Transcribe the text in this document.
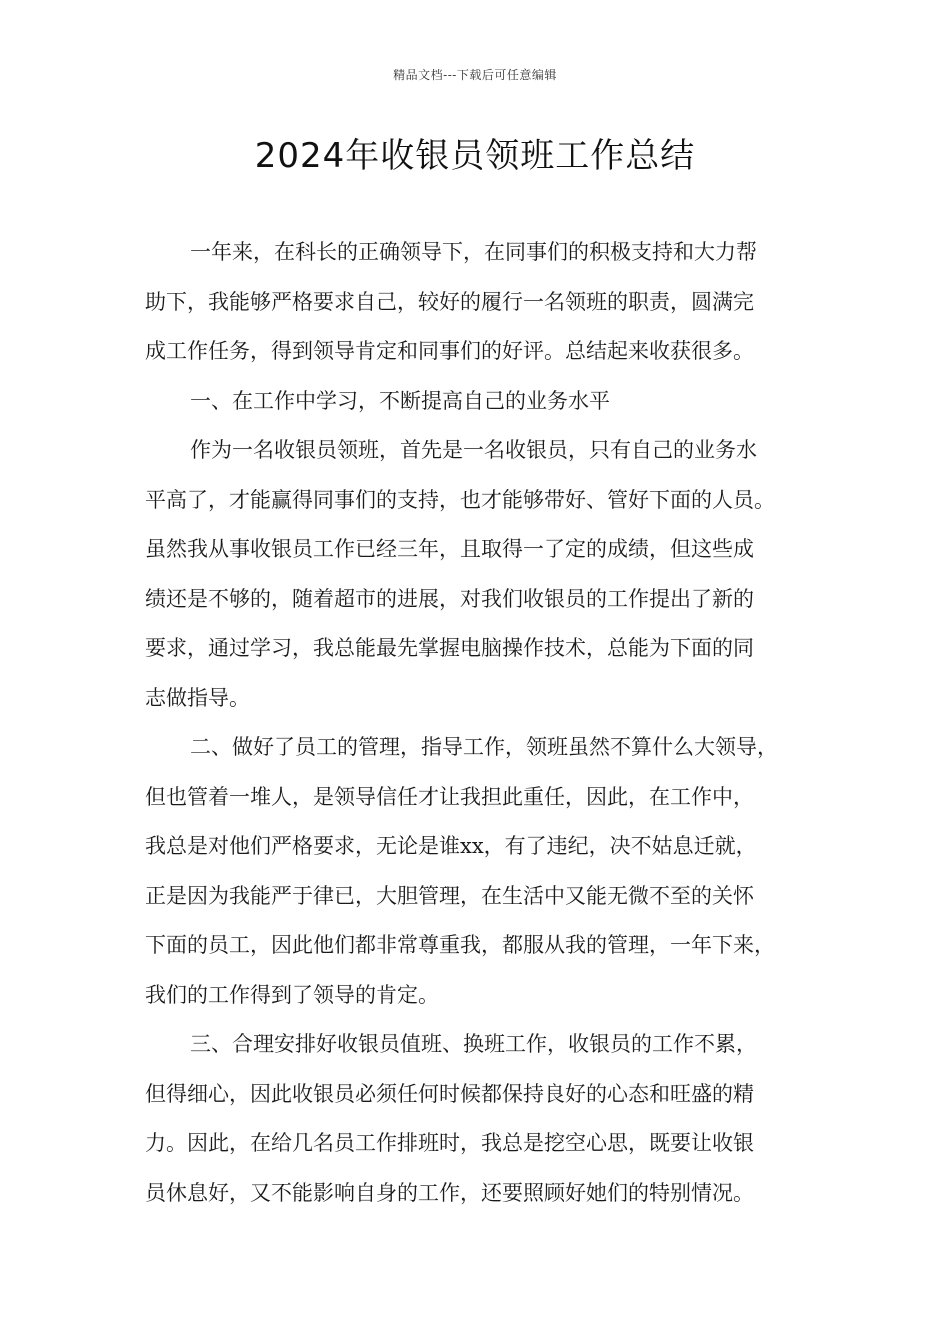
精品文档---下载后可任意编辑
2024年收银员领班工作总结
一年来，在科长的正确领导下，在同事们的积极支持和大力帮
助下，我能够严格要求自己，较好的履行一名领班的职责，圆满完
成工作任务，得到领导肯定和同事们的好评。总结起来收获很多。
一、在工作中学习，不断提高自己的业务水平
作为一名收银员领班，首先是一名收银员，只有自己的业务水
平高了，才能赢得同事们的支持，也才能够带好、管好下面的人员。
虽然我从事收银员工作已经三年，且取得一了定的成绩，但这些成
绩还是不够的，随着超市的进展，对我们收银员的工作提出了新的
要求，通过学习，我总能最先掌握电脑操作技术，总能为下面的同
志做指导。
二、做好了员工的管理，指导工作，领班虽然不算什么大领导，
但也管着一堆人，是领导信任才让我担此重任，因此，在工作中，
我总是对他们严格要求，无论是谁xx，有了违纪，决不姑息迁就，
正是因为我能严于律已，大胆管理，在生活中又能无微不至的关怀
下面的员工，因此他们都非常尊重我，都服从我的管理，一年下来，
我们的工作得到了领导的肯定。
三、合理安排好收银员值班、换班工作，收银员的工作不累，
但得细心，因此收银员必须任何时候都保持良好的心态和旺盛的精
力。因此，在给几名员工作排班时，我总是挖空心思，既要让收银
员休息好，又不能影响自身的工作，还要照顾好她们的特别情况。
